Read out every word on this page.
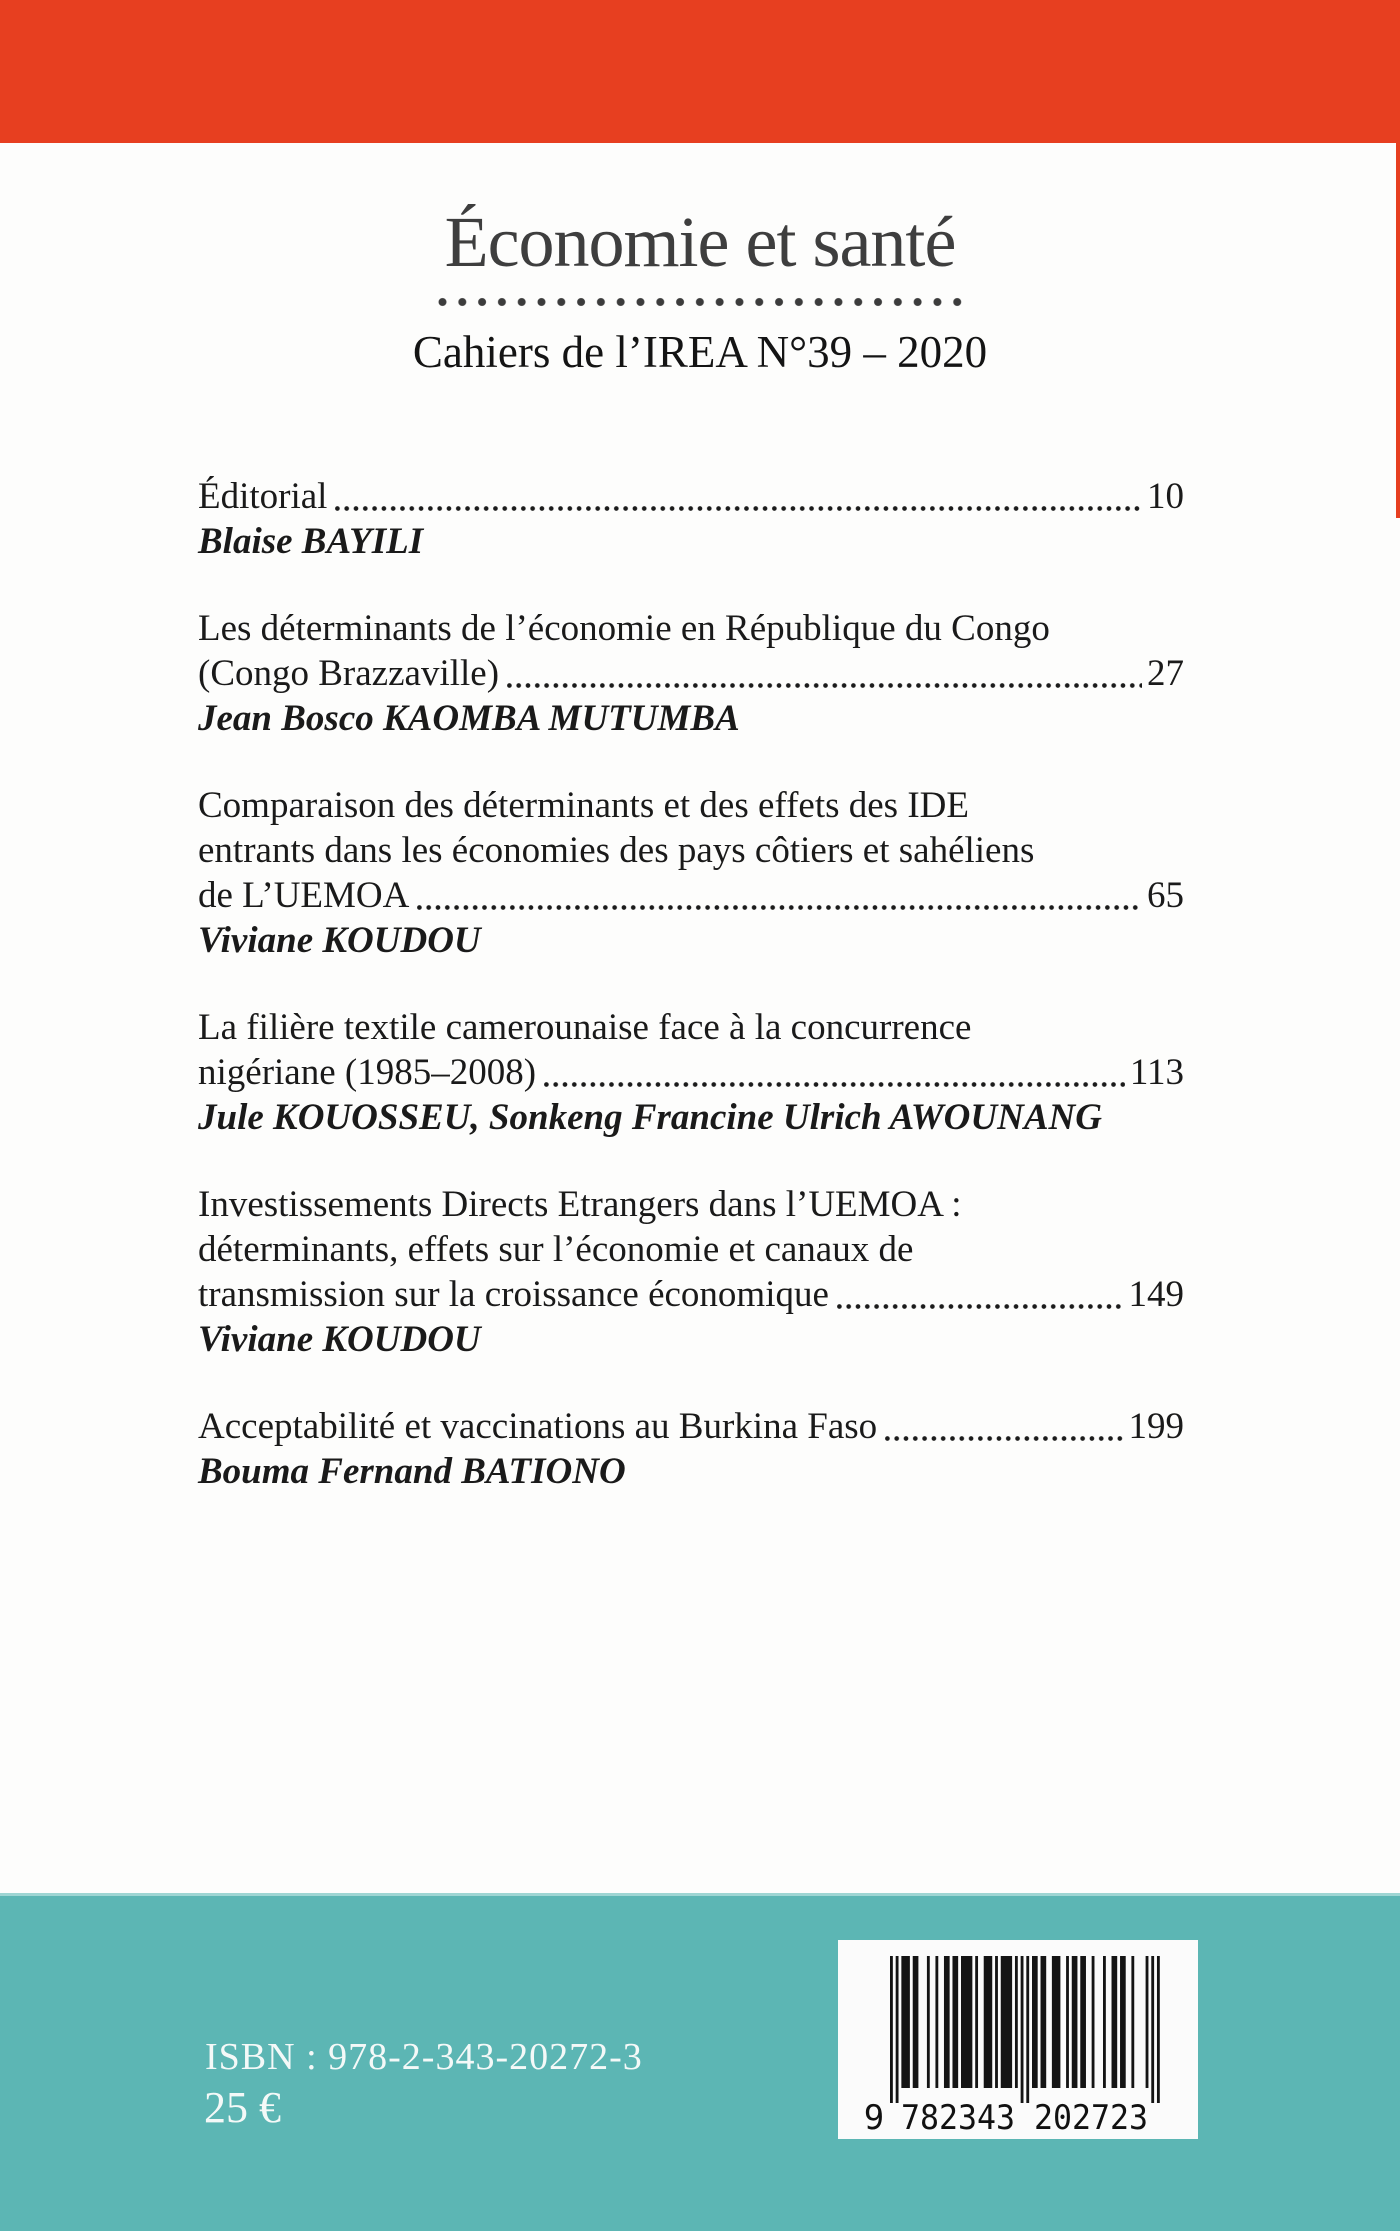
Économie et santé
Cahiers de l’IREA N°39 – 2020
Éditorial	10
Blaise BAYILI
Les déterminants de l’économie en République du Congo
(Congo Brazzaville)	27
Jean Bosco KAOMBA MUTUMBA
Comparaison des déterminants et des effets des IDE
entrants dans les économies des pays côtiers et sahéliens
de L’UEMOA	65
Viviane KOUDOU
La filière textile camerounaise face à la concurrence
nigériane (1985–2008)	113
Jule KOUOSSEU, Sonkeng Francine Ulrich AWOUNANG
Investissements Directs Etrangers dans l’UEMOA :
déterminants, effets sur l’économie et canaux de
transmission sur la croissance économique	149
Viviane KOUDOU
Acceptabilité et vaccinations au Burkina Faso	199
Bouma Fernand BATIONO
ISBN : 978-2-343-20272-3
25 €	9 782343 202723
